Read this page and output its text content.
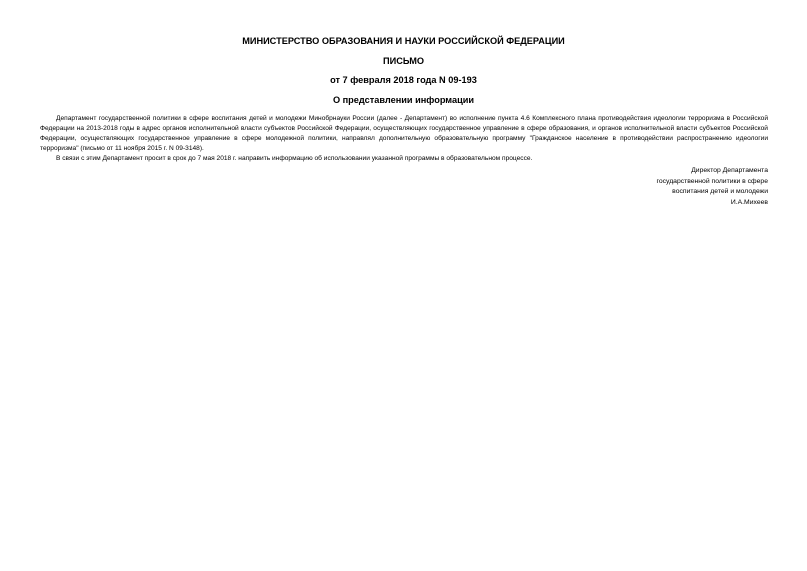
МИНИСТЕРСТВО ОБРАЗОВАНИЯ И НАУКИ РОССИЙСКОЙ ФЕДЕРАЦИИ
ПИСЬМО
от 7 февраля 2018 года N 09-193
О представлении информации

Департамент государственной политики в сфере воспитания детей и молодежи Минобрнауки России (далее - Департамент) во исполнение пункта 4.6 Комплексного плана противодействия идеологии терроризма в Российской Федерации на 2013-2018 годы в адрес органов исполнительной власти субъектов Российской Федерации, осуществляющих государственное управление в сфере образования, и органов исполнительной власти субъектов Российской Федерации, осуществляющих государственное управление в сфере молодежной политики, направлял дополнительную образовательную программу "Гражданское население в противодействии распространению идеологии терроризма" (письмо от 11 ноября 2015 г. N 09-3148).

В связи с этим Департамент просит в срок до 7 мая 2018 г. направить информацию об использовании указанной программы в образовательном процессе.

Директор Департамента
государственной политики в сфере
воспитания детей и молодежи
И.А.Михеев
